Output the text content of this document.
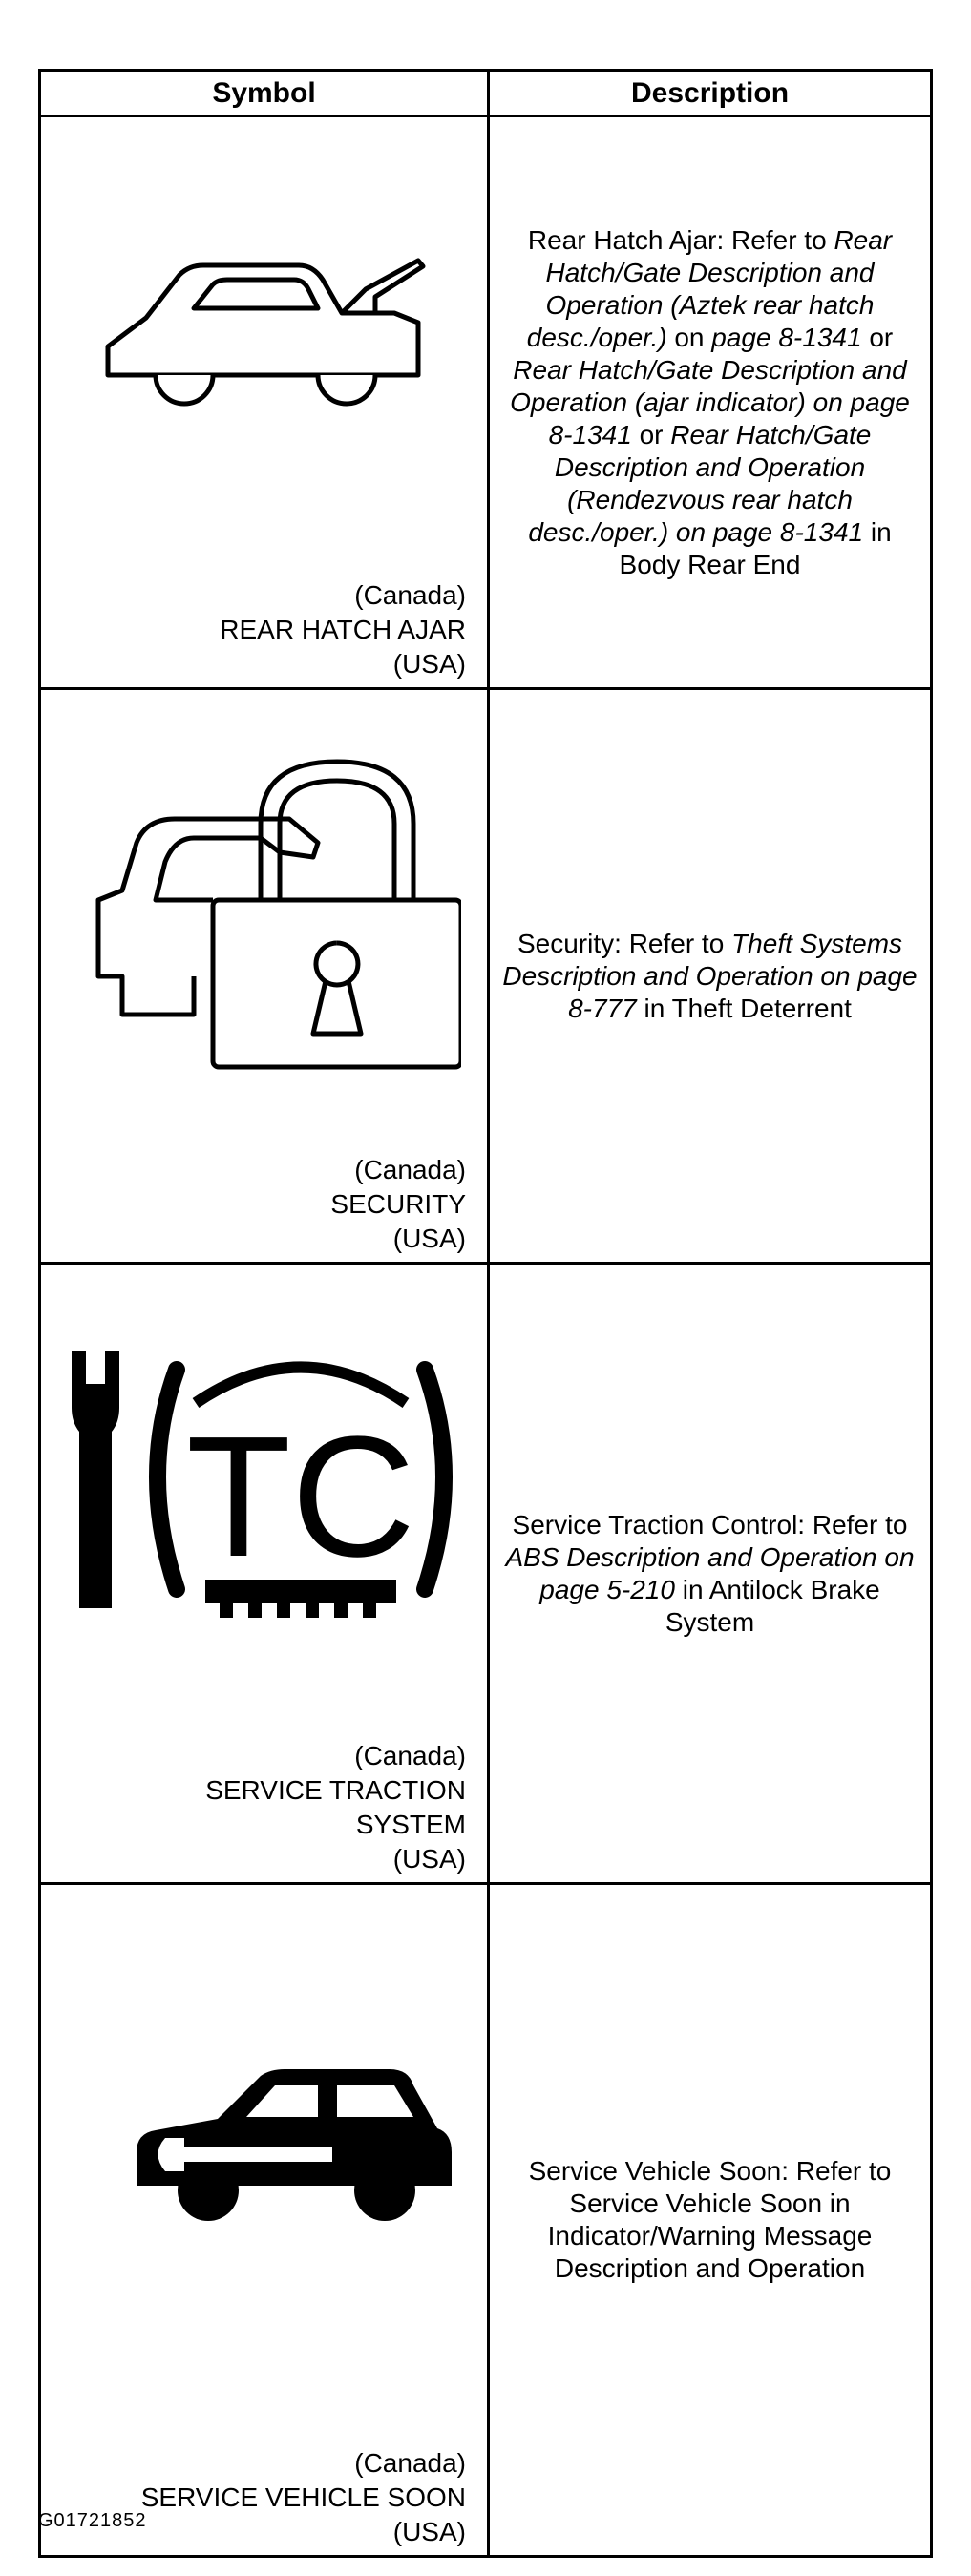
Symbol	Description
(Canada)
REAR HATCH AJAR
(USA)
Rear Hatch Ajar: Refer to Rear Hatch/Gate Description and Operation (Aztek rear hatch desc./oper.) on page 8-1341 or Rear Hatch/Gate Description and Operation (ajar indicator) on page 8-1341 or Rear Hatch/Gate Description and Operation (Rendezvous rear hatch desc./oper.) on page 8-1341 in Body Rear End
(Canada)
SECURITY
(USA)
Security: Refer to Theft Systems Description and Operation on page 8-777 in Theft Deterrent
TC
(Canada)
SERVICE TRACTION SYSTEM
(USA)
Service Traction Control: Refer to ABS Description and Operation on page 5-210 in Antilock Brake System
(Canada)
SERVICE VEHICLE SOON
(USA)
Service Vehicle Soon: Refer to Service Vehicle Soon in Indicator/Warning Message Description and Operation
G01721852
